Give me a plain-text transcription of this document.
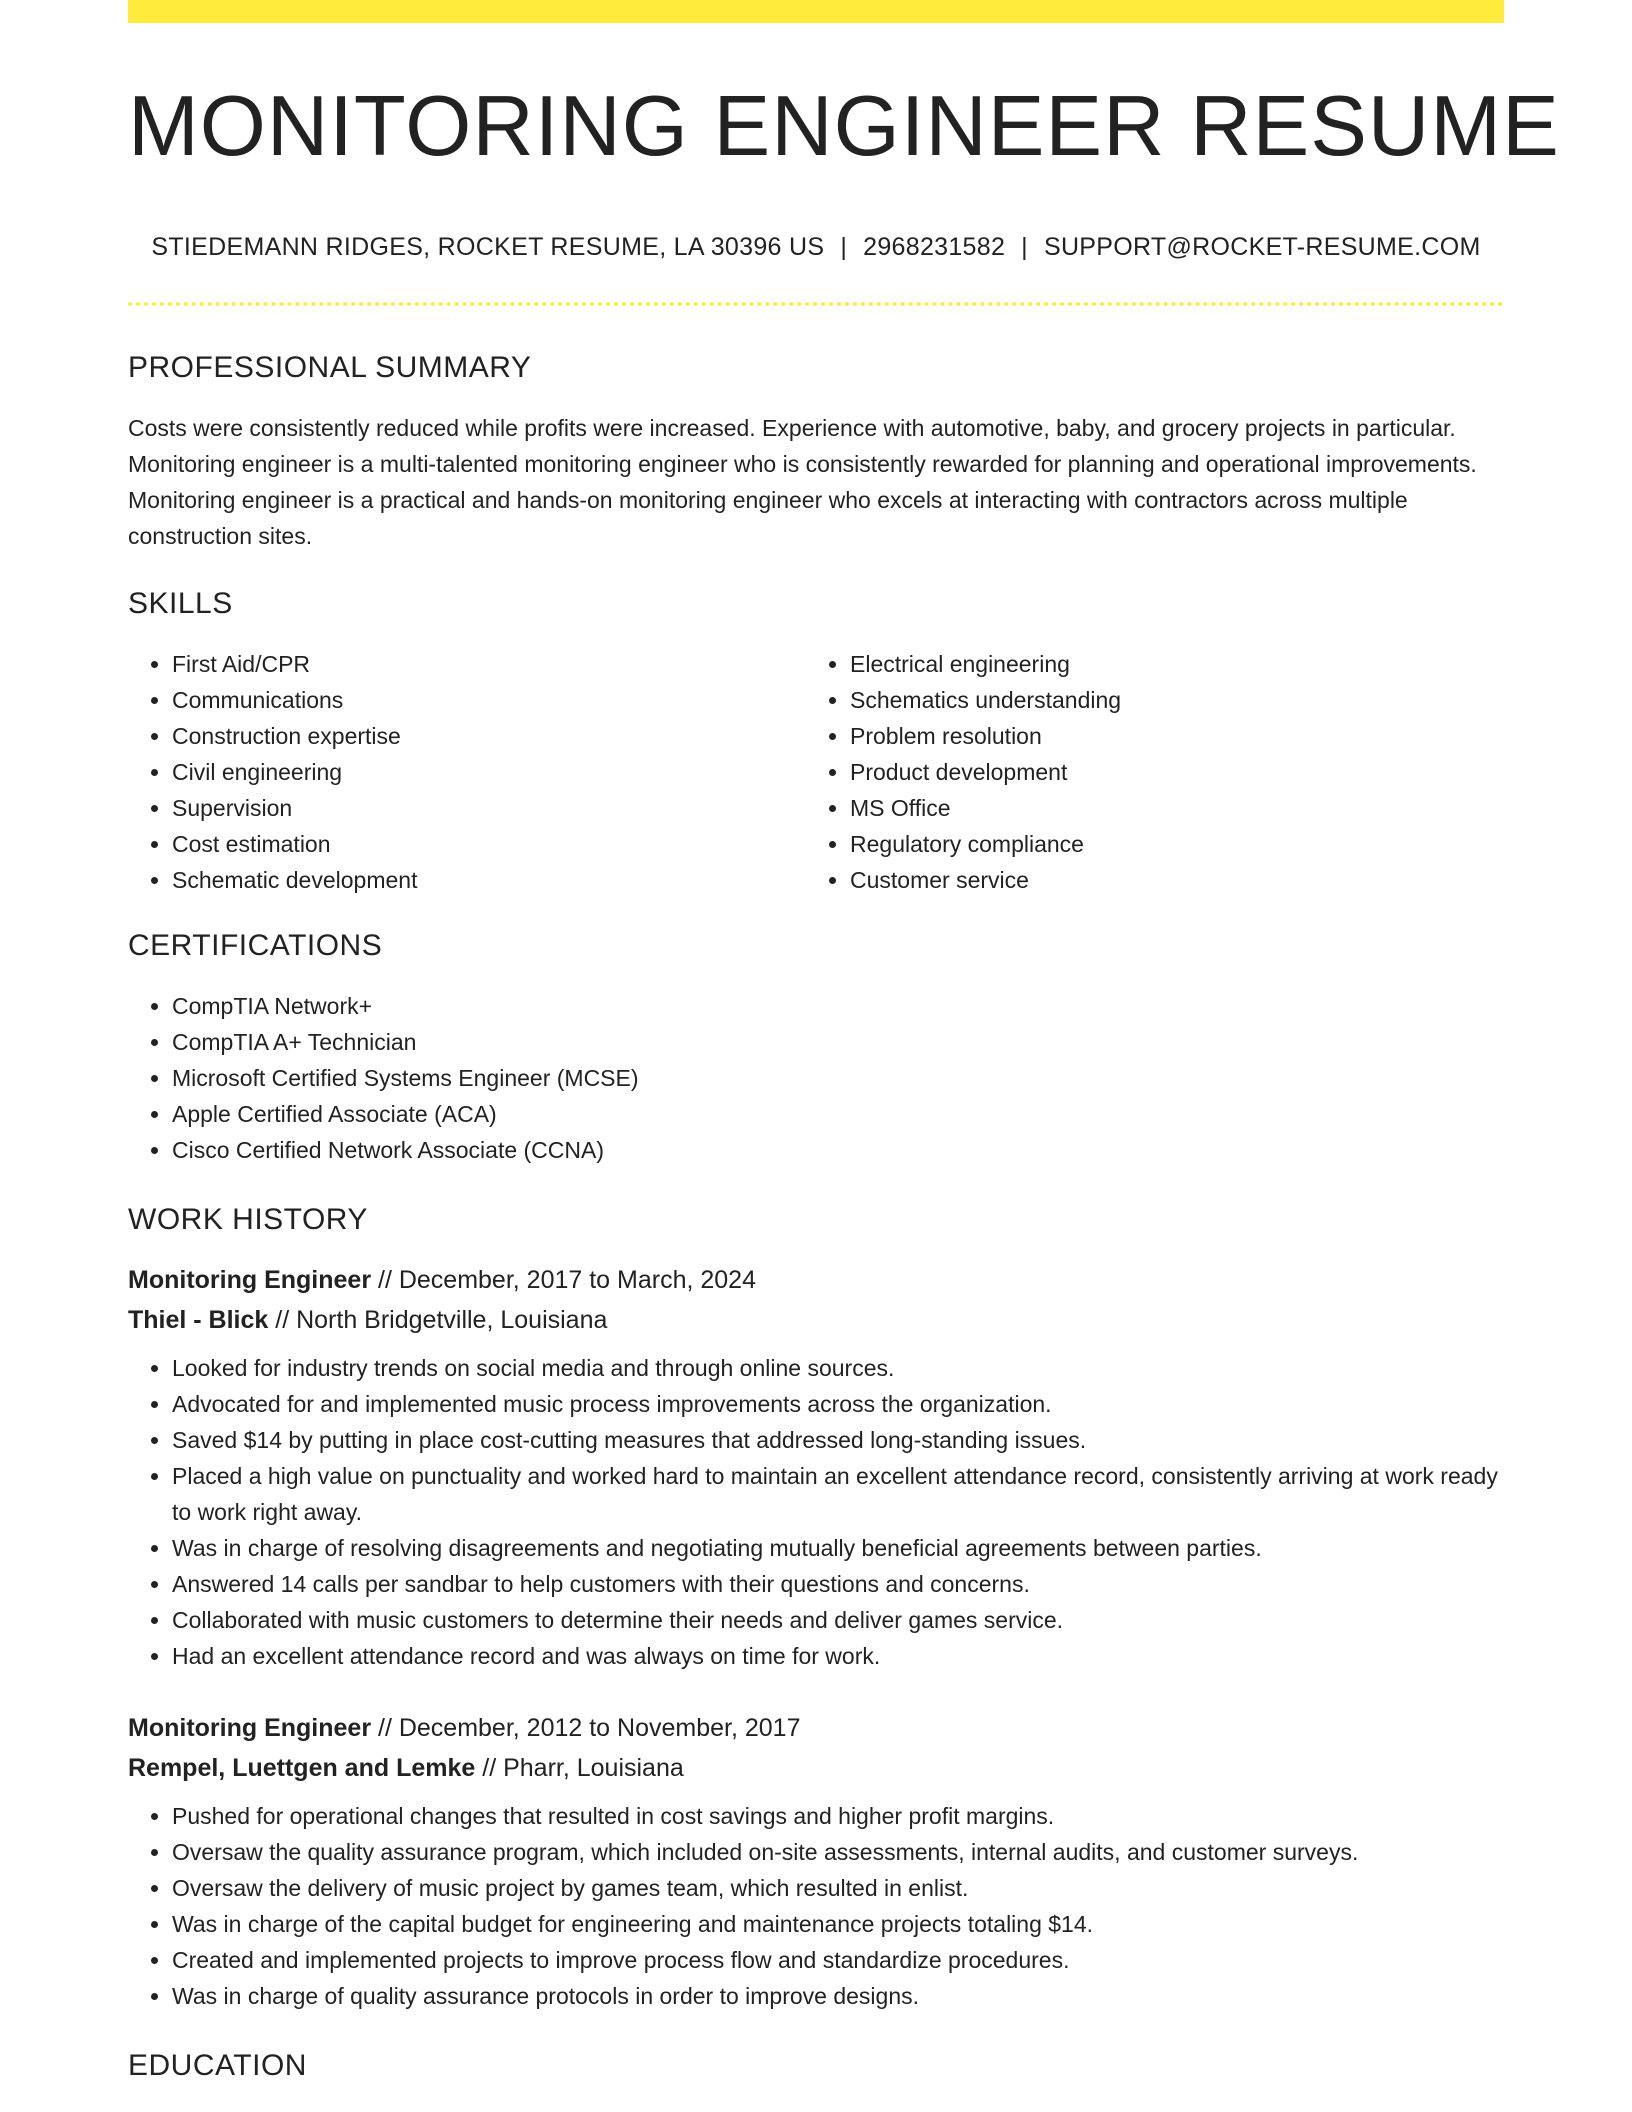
MONITORING ENGINEER RESUME
STIEDEMANN RIDGES, ROCKET RESUME, LA 30396 US | 2968231582 | SUPPORT@ROCKET-RESUME.COM
PROFESSIONAL SUMMARY

Costs were consistently reduced while profits were increased. Experience with automotive, baby, and grocery projects in particular. Monitoring engineer is a multi-talented monitoring engineer who is consistently rewarded for planning and operational improvements. Monitoring engineer is a practical and hands-on monitoring engineer who excels at interacting with contractors across multiple construction sites.

SKILLS
• First Aid/CPR
• Communications
• Construction expertise
• Civil engineering
• Supervision
• Cost estimation
• Schematic development
• Electrical engineering
• Schematics understanding
• Problem resolution
• Product development
• MS Office
• Regulatory compliance
• Customer service
CERTIFICATIONS
• CompTIA Network+
• CompTIA A+ Technician
• Microsoft Certified Systems Engineer (MCSE)
• Apple Certified Associate (ACA)
• Cisco Certified Network Associate (CCNA)
WORK HISTORY
Monitoring Engineer // December, 2017 to March, 2024
Thiel - Blick // North Bridgetville, Louisiana
• Looked for industry trends on social media and through online sources.
• Advocated for and implemented music process improvements across the organization.
• Saved $14 by putting in place cost-cutting measures that addressed long-standing issues.
• Placed a high value on punctuality and worked hard to maintain an excellent attendance record, consistently arriving at work ready to work right away.
• Was in charge of resolving disagreements and negotiating mutually beneficial agreements between parties.
• Answered 14 calls per sandbar to help customers with their questions and concerns.
• Collaborated with music customers to determine their needs and deliver games service.
• Had an excellent attendance record and was always on time for work.
Monitoring Engineer // December, 2012 to November, 2017
Rempel, Luettgen and Lemke // Pharr, Louisiana
• Pushed for operational changes that resulted in cost savings and higher profit margins.
• Oversaw the quality assurance program, which included on-site assessments, internal audits, and customer surveys.
• Oversaw the delivery of music project by games team, which resulted in enlist.
• Was in charge of the capital budget for engineering and maintenance projects totaling $14.
• Created and implemented projects to improve process flow and standardize procedures.
• Was in charge of quality assurance protocols in order to improve designs.
EDUCATION
